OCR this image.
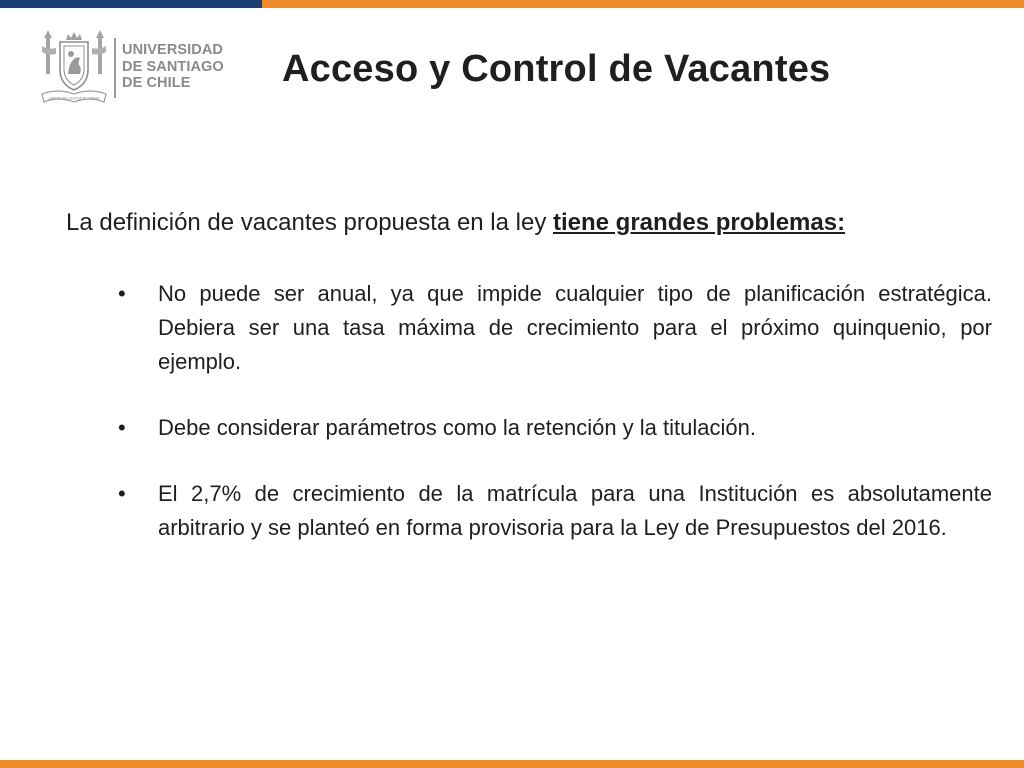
LABOR DEI CIENCIA ET LABOR
UNIVERSIDAD
DE SANTIAGO
DE CHILE	Acceso y Control de Vacantes

La definición de vacantes propuesta en la ley tiene grandes problemas:

• No puede ser anual, ya que impide cualquier tipo de planificación estratégica. Debiera ser una tasa máxima de crecimiento para el próximo quinquenio, por ejemplo.
• Debe considerar parámetros como la retención y la titulación.
• El 2,7% de crecimiento de la matrícula para una Institución es absolutamente arbitrario y se planteó en forma provisoria para la Ley de Presupuestos del 2016.
